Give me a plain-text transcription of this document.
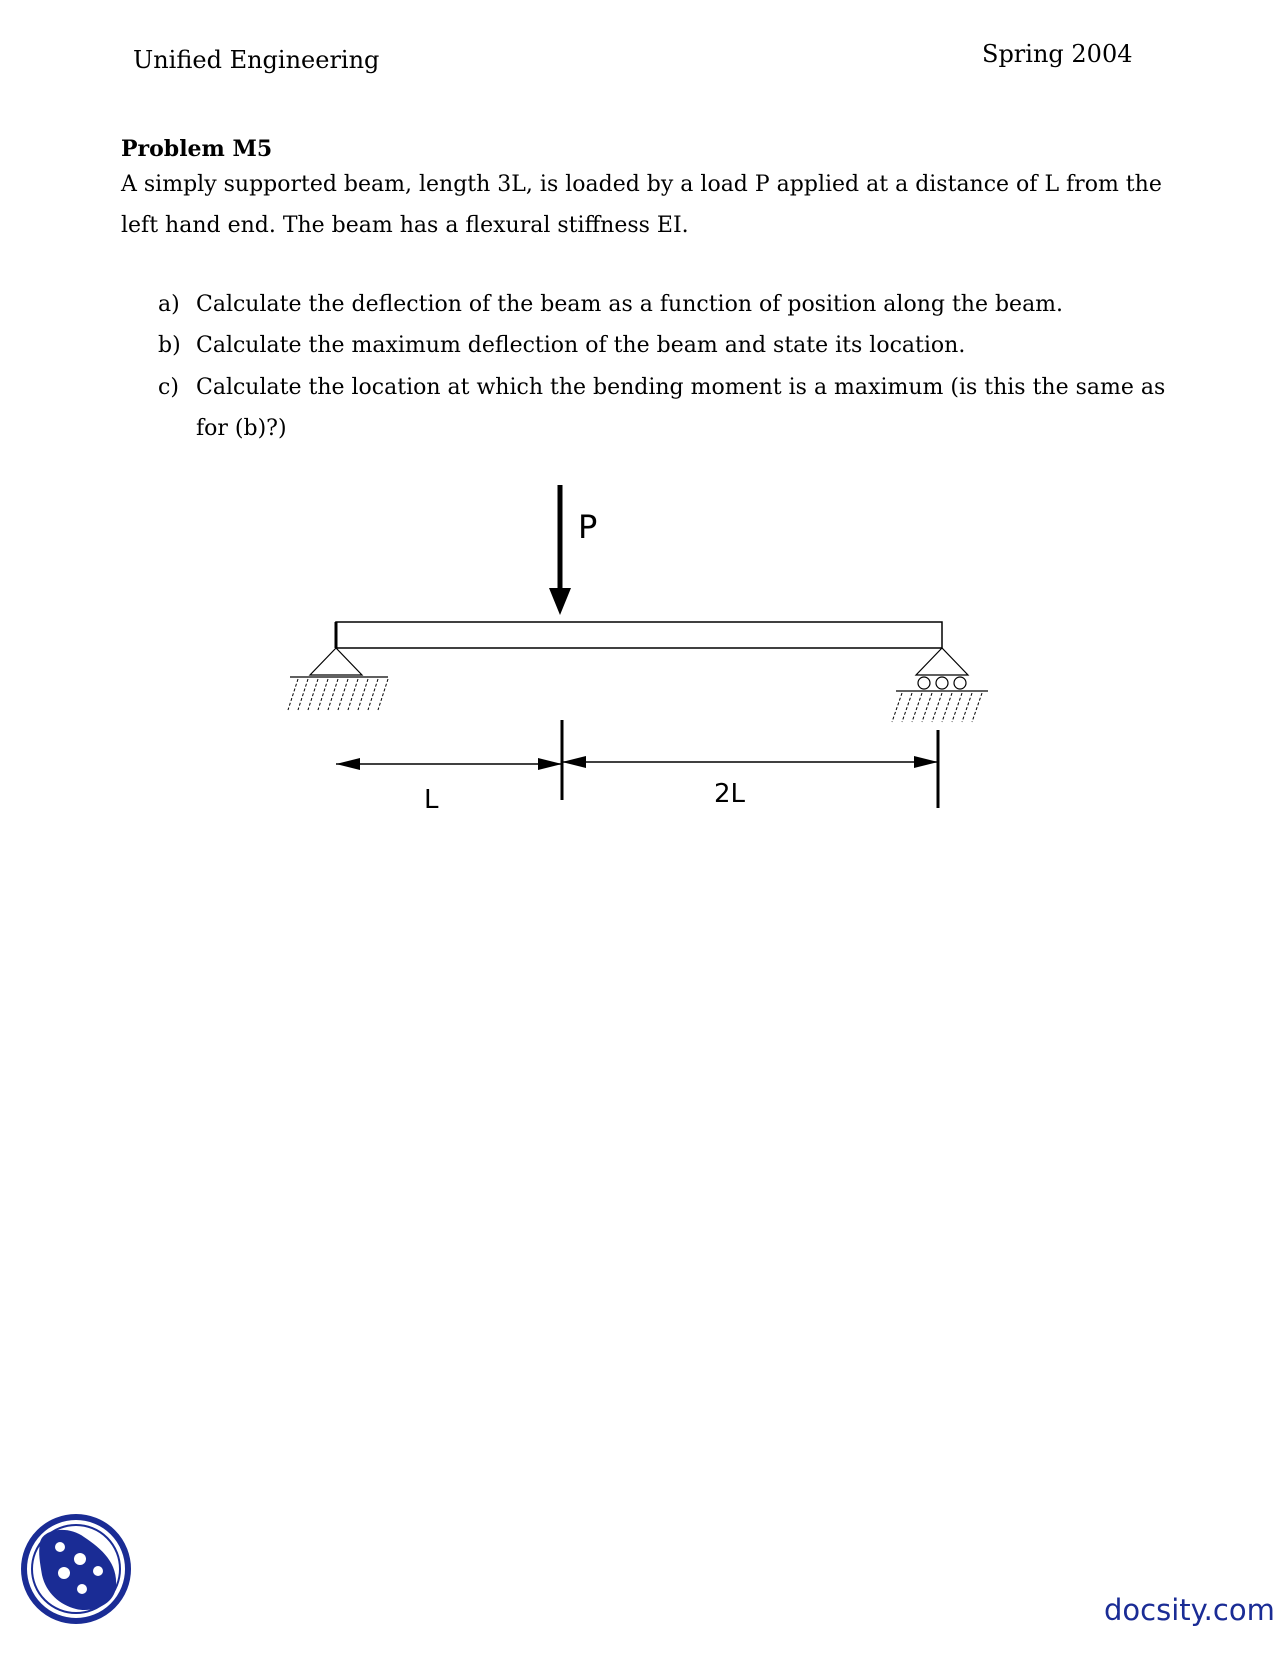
Unified Engineering	Spring 2004
Problem M5
A simply supported beam, length 3L, is loaded by a load P applied at a distance of L from the left hand end. The beam has a flexural stiffness EI.
a) Calculate the deflection of the beam as a function of position along the beam.
b) Calculate the maximum deflection of the beam and state its location.
c) Calculate the location at which the bending moment is a maximum (is this the same as for (b)?)
P
L	2L
docsity.com
